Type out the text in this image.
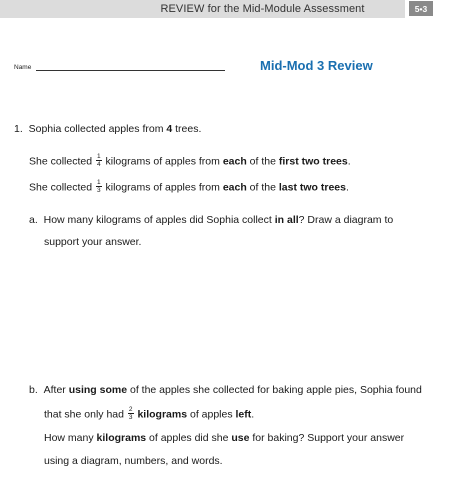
REVIEW for the Mid-Module Assessment	5•3
Name	Mid-Mod 3 Review
1. Sophia collected apples from 4 trees.
She collected $\frac{1}{4}$ kilograms of apples from each of the first two trees.
She collected $\frac{1}{3}$ kilograms of apples from each of the last two trees.
a. How many kilograms of apples did Sophia collect in all? Draw a diagram to
support your answer.
b. After using some of the apples she collected for baking apple pies, Sophia found
that she only had $\frac{2}{3}$ kilograms of apples left.
How many kilograms of apples did she use for baking? Support your answer
using a diagram, numbers, and words.
